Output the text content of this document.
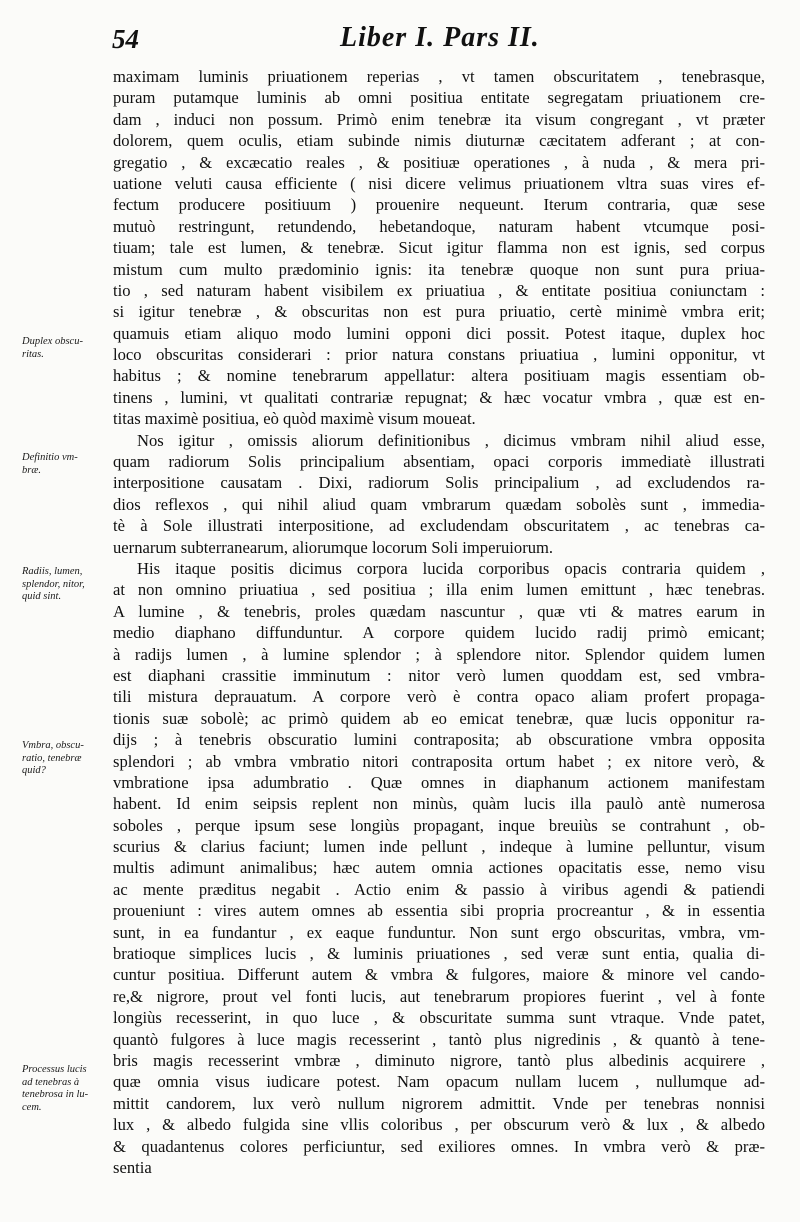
54	Liber I. Pars II.
Duplex obscu-
ritas.
Definitio vm-
bræ.
Radiis, lumen,
splendor, nitor,
quid sint.
Vmbra, obscu-
ratio, tenebræ
quid?
Processus lucis
ad tenebras à
tenebrosa in lu-
cem.
maximam luminis priuationem reperias , vt tamen obscuritatem , tenebrasque,
puram putamque luminis ab omni positiua entitate segregatam priuationem cre-
dam , induci non possum. Primò enim tenebræ ita visum congregant , vt præter
dolorem, quem oculis, etiam subinde nimis diuturnæ cæcitatem adferant ; at con-
gregatio , & excæcatio reales , & positiuæ operationes , à nuda , & mera pri-
uatione veluti causa efficiente ( nisi dicere velimus priuationem vltra suas vires ef-
fectum producere positiuum ) prouenire nequeunt. Iterum contraria, quæ sese
mutuò restringunt, retundendo, hebetandoque, naturam habent vtcumque posi-
tiuam; tale est lumen, & tenebræ. Sicut igitur flamma non est ignis, sed corpus
mistum cum multo prædominio ignis: ita tenebræ quoque non sunt pura priua-
tio , sed naturam habent visibilem ex priuatiua , & entitate positiua coniunctam :
si igitur tenebræ , & obscuritas non est pura priuatio, certè minimè vmbra erit;
quamuis etiam aliquo modo lumini opponi dici possit. Potest itaque, duplex hoc
loco obscuritas considerari : prior natura constans priuatiua , lumini opponitur, vt
habitus ; & nomine tenebrarum appellatur: altera positiuam magis essentiam ob-
tinens , lumini, vt qualitati contrariæ repugnat; & hæc vocatur vmbra , quæ est en-
titas maximè positiua, eò quòd maximè visum moueat.
Nos igitur , omissis aliorum definitionibus , dicimus vmbram nihil aliud esse,
quam radiorum Solis principalium absentiam, opaci corporis immediatè illustrati
interpositione causatam . Dixi, radiorum Solis principalium , ad excludendos ra-
dios reflexos , qui nihil aliud quam vmbrarum quædam sobolès sunt , immedia-
tè à Sole illustrati interpositione, ad excludendam obscuritatem , ac tenebras ca-
uernarum subterranearum, aliorumque locorum Soli imperuiorum.
His itaque positis dicimus corpora lucida corporibus opacis contraria quidem ,
at non omnino priuatiua , sed positiua ; illa enim lumen emittunt , hæc tenebras.
A lumine , & tenebris, proles quædam nascuntur , quæ vti & matres earum in
medio diaphano diffunduntur. A corpore quidem lucido radij primò emicant;
à radijs lumen , à lumine splendor ; à splendore nitor. Splendor quidem lumen
est diaphani crassitie imminutum : nitor verò lumen quoddam est, sed vmbra-
tili mistura deprauatum. A corpore verò è contra opaco aliam profert propaga-
tionis suæ sobolè; ac primò quidem ab eo emicat tenebræ, quæ lucis opponitur ra-
dijs ; à tenebris obscuratio lumini contraposita; ab obscuratione vmbra opposita
splendori ; ab vmbra vmbratio nitori contraposita ortum habet ; ex nitore verò, &
vmbratione ipsa adumbratio . Quæ omnes in diaphanum actionem manifestam
habent. Id enim seipsis replent non minùs, quàm lucis illa paulò antè numerosa
soboles , perque ipsum sese longiùs propagant, inque breuiùs se contrahunt , ob-
scurius & clarius faciunt; lumen inde pellunt , indeque à lumine pelluntur, visum
multis adimunt animalibus; hæc autem omnia actiones opacitatis esse, nemo visu
ac mente præditus negabit . Actio enim & passio à viribus agendi & patiendi
proueniunt : vires autem omnes ab essentia sibi propria procreantur , & in essentia
sunt, in ea fundantur , ex eaque funduntur. Non sunt ergo obscuritas, vmbra, vm-
bratioque simplices lucis , & luminis priuationes , sed veræ sunt entia, qualia di-
cuntur positiua. Differunt autem & vmbra & fulgores, maiore & minore vel cando-
re,& nigrore, prout vel fonti lucis, aut tenebrarum propiores fuerint , vel à fonte
longiùs recesserint, in quo luce , & obscuritate summa sunt vtraque. Vnde patet,
quantò fulgores à luce magis recesserint , tantò plus nigredinis , & quantò à tene-
bris magis recesserint vmbræ , diminuto nigrore, tantò plus albedinis acquirere ,
quæ omnia visus iudicare potest. Nam opacum nullam lucem , nullumque ad-
mittit candorem, lux verò nullum nigrorem admittit. Vnde per tenebras nonnisi
lux , & albedo fulgida sine vllis coloribus , per obscurum verò & lux , & albedo
& quadantenus colores perficiuntur, sed exiliores omnes. In vmbra verò & præ-
sentia
